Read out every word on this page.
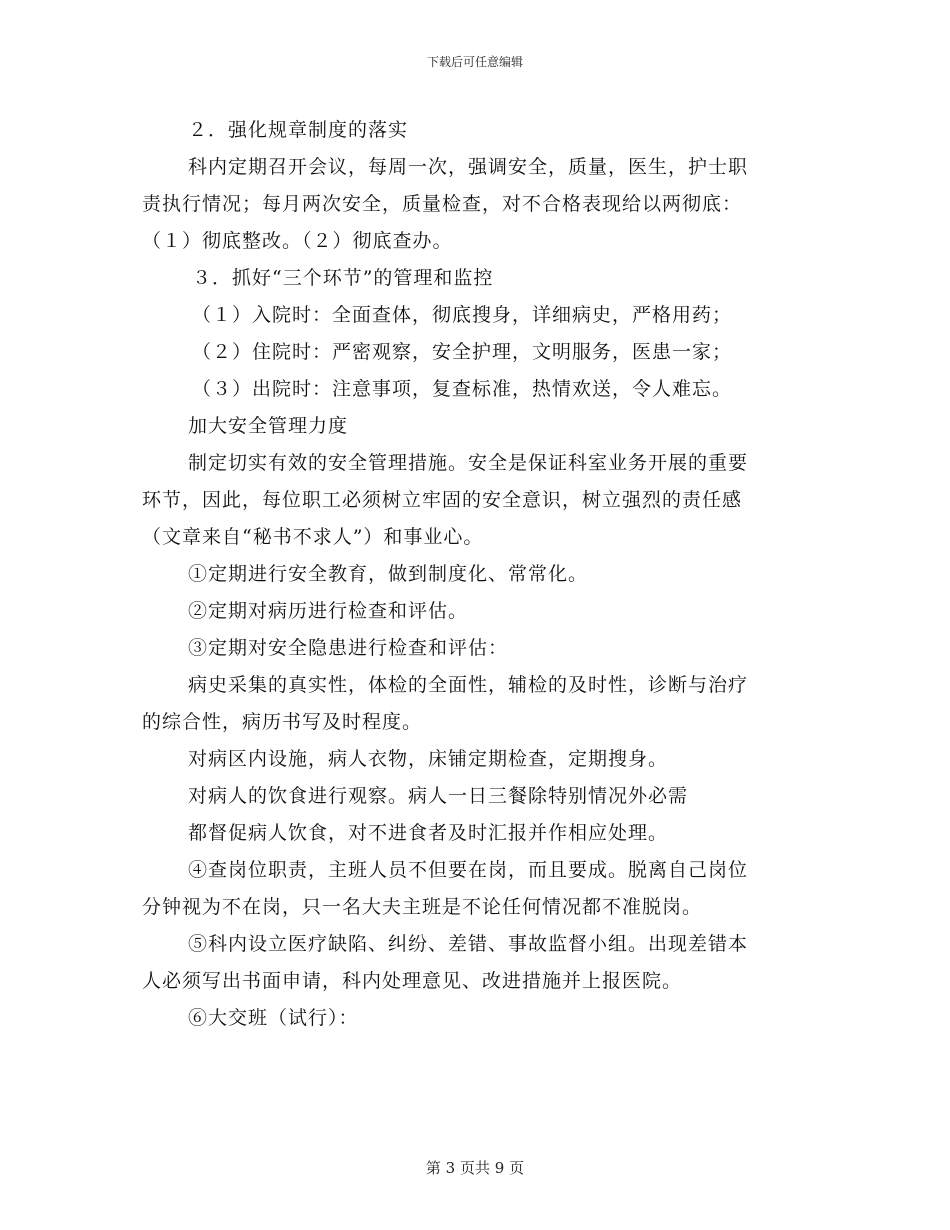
下载后可任意编辑

２．强化规章制度的落实

科内定期召开会议，每周一次，强调安全，质量，医生，护士职

责执行情况；每月两次安全，质量检查，对不合格表现给以两彻底：

（１）彻底整改。（２）彻底查办。

３．抓好“三个环节”的管理和监控

（１）入院时：全面查体，彻底搜身，详细病史，严格用药；

（２）住院时：严密观察，安全护理，文明服务，医患一家；

（３）出院时：注意事项，复查标准，热情欢送，令人难忘。

加大安全管理力度

制定切实有效的安全管理措施。安全是保证科室业务开展的重要

环节，因此，每位职工必须树立牢固的安全意识，树立强烈的责任感

（文章来自“秘书不求人”）和事业心。

①定期进行安全教育，做到制度化、常常化。

②定期对病历进行检查和评估。

③定期对安全隐患进行检查和评估：

病史采集的真实性，体检的全面性，辅检的及时性，诊断与治疗

的综合性，病历书写及时程度。

对病区内设施，病人衣物，床铺定期检查，定期搜身。

对病人的饮食进行观察。病人一日三餐除特别情况外必需

都督促病人饮食，对不进食者及时汇报并作相应处理。

④查岗位职责，主班人员不但要在岗，而且要成。脱离自己岗位

分钟视为不在岗，只一名大夫主班是不论任何情况都不准脱岗。

⑤科内设立医疗缺陷、纠纷、差错、事故监督小组。出现差错本

人必须写出书面申请，科内处理意见、改进措施并上报医院。

⑥大交班（试行）：

第 3 页共 9 页
